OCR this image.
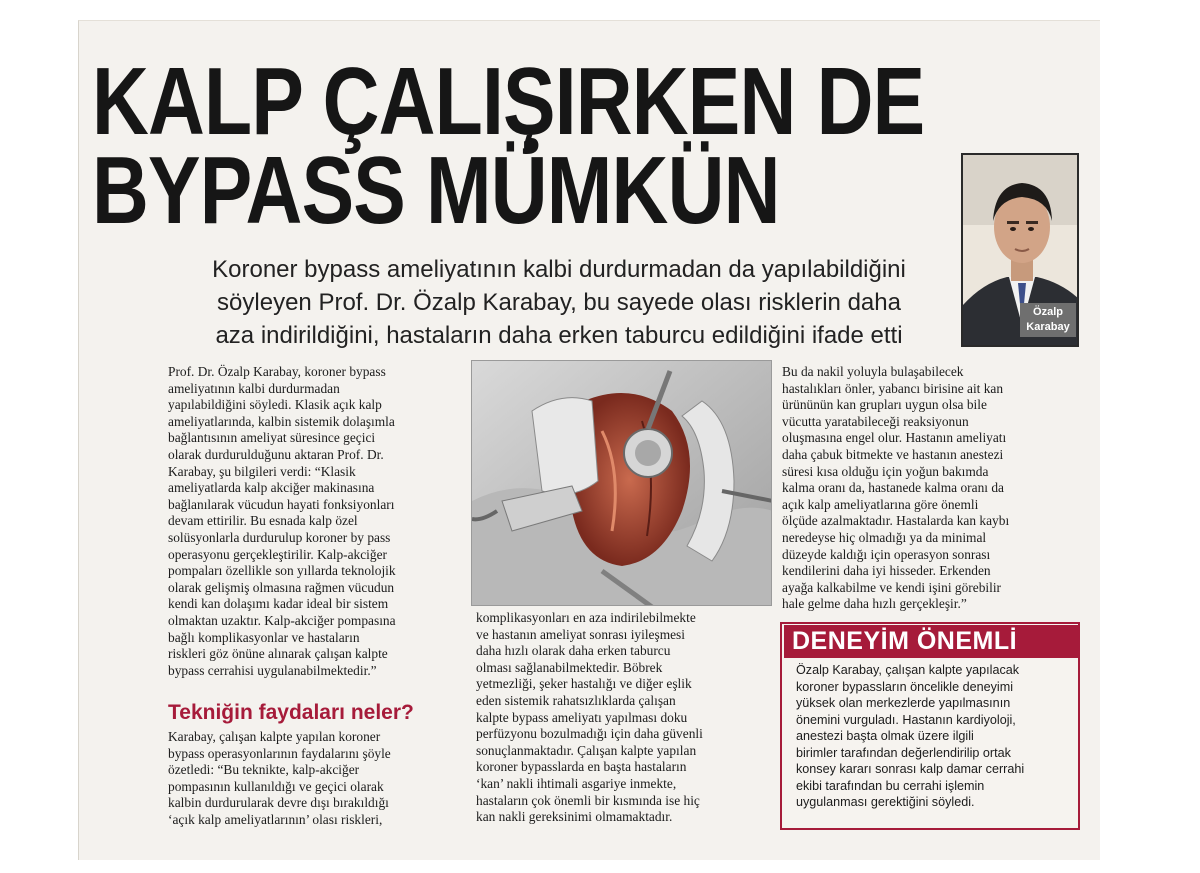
KALP ÇALIŞIRKEN DE
BYPASS MÜMKÜN
Özalp
Karabay
Koroner bypass ameliyatının kalbi durdurmadan da yapılabildiğini
söyleyen Prof. Dr. Özalp Karabay, bu sayede olası risklerin daha
aza indirildiğini, hastaların daha erken taburcu edildiğini ifade etti

Prof. Dr. Özalp Karabay, koroner bypass

ameliyatının kalbi durdurmadan

yapılabildiğini söyledi. Klasik açık kalp

ameliyatlarında, kalbin sistemik dolaşımla

bağlantısının ameliyat süresince geçici

olarak durdurulduğunu aktaran Prof. Dr.

Karabay, şu bilgileri verdi: “Klasik

ameliyatlarda kalp akciğer makinasına

bağlanılarak vücudun hayati fonksiyonları

devam ettirilir. Bu esnada kalp özel

solüsyonlarla durdurulup koroner by pass

operasyonu gerçekleştirilir. Kalp-akciğer

pompaları özellikle son yıllarda teknolojik

olarak gelişmiş olmasına rağmen vücudun

kendi kan dolaşımı kadar ideal bir sistem

olmaktan uzaktır. Kalp-akciğer pompasına

bağlı komplikasyonlar ve hastaların

riskleri göz önüne alınarak çalışan kalpte

bypass cerrahisi uygulanabilmektedir.”

Tekniğin faydaları neler?

Karabay, çalışan kalpte yapılan koroner

bypass operasyonlarının faydalarını şöyle

özetledi: “Bu teknikte, kalp-akciğer

pompasının kullanıldığı ve geçici olarak

kalbin durdurularak devre dışı bırakıldığı

‘açık kalp ameliyatlarının’ olası riskleri,

komplikasyonları en aza indirilebilmekte

ve hastanın ameliyat sonrası iyileşmesi

daha hızlı olarak daha erken taburcu

olması sağlanabilmektedir. Böbrek

yetmezliği, şeker hastalığı ve diğer eşlik

eden sistemik rahatsızlıklarda çalışan

kalpte bypass ameliyatı yapılması doku

perfüzyonu bozulmadığı için daha güvenli

sonuçlanmaktadır. Çalışan kalpte yapılan

koroner bypasslarda en başta hastaların

‘kan’ nakli ihtimali asgariye inmekte,

hastaların çok önemli bir kısmında ise hiç

kan nakli gereksinimi olmamaktadır.

Bu da nakil yoluyla bulaşabilecek

hastalıkları önler, yabancı birisine ait kan

ürününün kan grupları uygun olsa bile

vücutta yaratabileceği reaksiyonun

oluşmasına engel olur. Hastanın ameliyatı

daha çabuk bitmekte ve hastanın anestezi

süresi kısa olduğu için yoğun bakımda

kalma oranı da, hastanede kalma oranı da

açık kalp ameliyatlarına göre önemli

ölçüde azalmaktadır. Hastalarda kan kaybı

neredeyse hiç olmadığı ya da minimal

düzeyde kaldığı için operasyon sonrası

kendilerini daha iyi hisseder. Erkenden

ayağa kalkabilme ve kendi işini görebilir

hale gelme daha hızlı gerçekleşir.”

DENEYİM ÖNEMLİ

Özalp Karabay, çalışan kalpte yapılacak

koroner bypassların öncelikle deneyimi

yüksek olan merkezlerde yapılmasının

önemini vurguladı. Hastanın kardiyoloji,

anestezi başta olmak üzere ilgili

birimler tarafından değerlendirilip ortak

konsey kararı sonrası kalp damar cerrahi

ekibi tarafından bu cerrahi işlemin

uygulanması gerektiğini söyledi.
